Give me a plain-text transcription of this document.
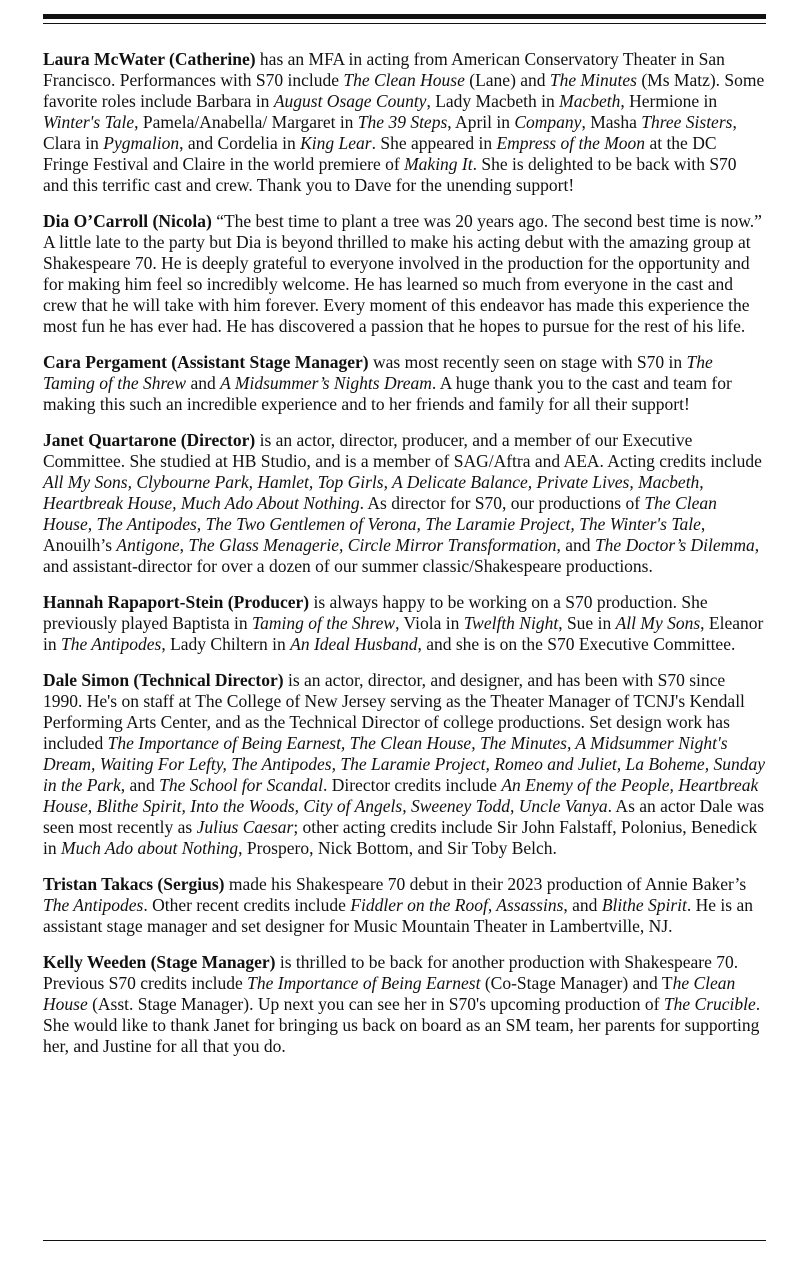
Laura McWater (Catherine) has an MFA in acting from American Conservatory Theater in San Francisco. Performances with S70 include The Clean House (Lane) and The Minutes (Ms Matz). Some favorite roles include Barbara in August Osage County, Lady Macbeth in Macbeth, Hermione in Winter's Tale, Pamela/Anabella/ Margaret in The 39 Steps, April in Company, Masha Three Sisters, Clara in Pygmalion, and Cordelia in King Lear. She appeared in Empress of the Moon at the DC Fringe Festival and Claire in the world premiere of Making It. She is delighted to be back with S70 and this terrific cast and crew. Thank you to Dave for the unending support!

Dia O’Carroll (Nicola) “The best time to plant a tree was 20 years ago. The second best time is now.” A little late to the party but Dia is beyond thrilled to make his acting debut with the amazing group at Shakespeare 70. He is deeply grateful to everyone involved in the production for the opportunity and for making him feel so incredibly welcome. He has learned so much from everyone in the cast and crew that he will take with him forever. Every moment of this endeavor has made this experience the most fun he has ever had. He has discovered a passion that he hopes to pursue for the rest of his life.

Cara Pergament (Assistant Stage Manager) was most recently seen on stage with S70 in The Taming of the Shrew and A Midsummer’s Nights Dream. A huge thank you to the cast and team for making this such an incredible experience and to her friends and family for all their support!

Janet Quartarone (Director) is an actor, director, producer, and a member of our Executive Committee. She studied at HB Studio, and is a member of SAG/Aftra and AEA. Acting credits include All My Sons, Clybourne Park, Hamlet, Top Girls, A Delicate Balance, Private Lives, Macbeth, Heartbreak House, Much Ado About Nothing. As director for S70, our productions of The Clean House, The Antipodes, The Two Gentlemen of Verona, The Laramie Project, The Winter's Tale, Anouilh’s Antigone, The Glass Menagerie, Circle Mirror Transformation, and The Doctor’s Dilemma, and assistant-director for over a dozen of our summer classic/Shakespeare productions.

Hannah Rapaport-Stein (Producer) is always happy to be working on a S70 production. She previously played Baptista in Taming of the Shrew, Viola in Twelfth Night, Sue in All My Sons, Eleanor in The Antipodes, Lady Chiltern in An Ideal Husband, and she is on the S70 Executive Committee.

Dale Simon (Technical Director) is an actor, director, and designer, and has been with S70 since 1990. He's on staff at The College of New Jersey serving as the Theater Manager of TCNJ's Kendall Performing Arts Center, and as the Technical Director of college productions. Set design work has included The Importance of Being Earnest, The Clean House, The Minutes, A Midsummer Night's Dream, Waiting For Lefty, The Antipodes, The Laramie Project, Romeo and Juliet, La Boheme, Sunday in the Park, and The School for Scandal. Director credits include An Enemy of the People, Heartbreak House, Blithe Spirit, Into the Woods, City of Angels, Sweeney Todd, Uncle Vanya. As an actor Dale was seen most recently as Julius Caesar; other acting credits include Sir John Falstaff, Polonius, Benedick in Much Ado about Nothing, Prospero, Nick Bottom, and Sir Toby Belch.

Tristan Takacs (Sergius) made his Shakespeare 70 debut in their 2023 production of Annie Baker’s The Antipodes. Other recent credits include Fiddler on the Roof, Assassins, and Blithe Spirit. He is an assistant stage manager and set designer for Music Mountain Theater in Lambertville, NJ.

Kelly Weeden (Stage Manager) is thrilled to be back for another production with Shakespeare 70. Previous S70 credits include The Importance of Being Earnest (Co-Stage Manager) and The Clean House (Asst. Stage Manager). Up next you can see her in S70's upcoming production of The Crucible. She would like to thank Janet for bringing us back on board as an SM team, her parents for supporting her, and Justine for all that you do.
